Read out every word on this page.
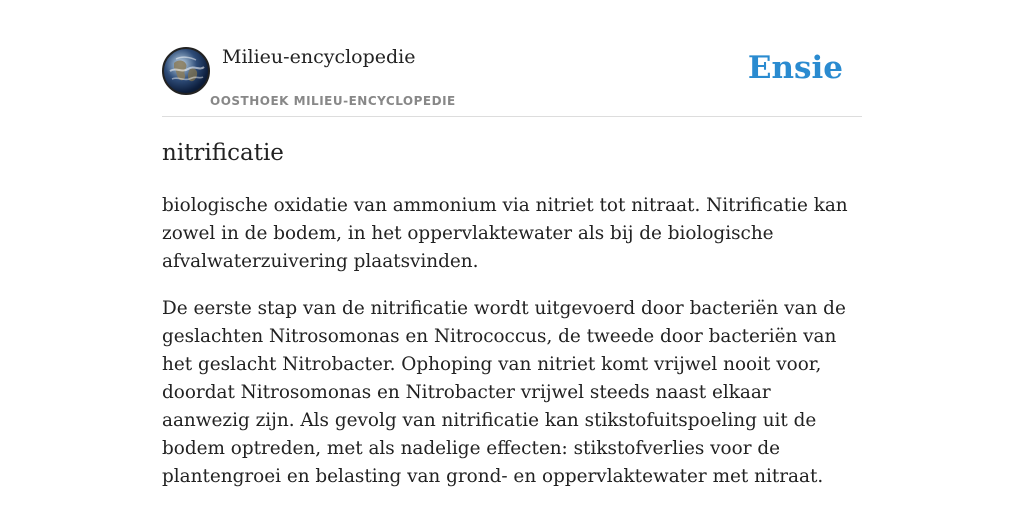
Milieu-encyclopedie
OOSTHOEK MILIEU-ENCYCLOPEDIE
Ensie
nitrificatie

biologische oxidatie van ammonium via nitriet tot nitraat. Nitrificatie kan zowel in de bodem, in het oppervlaktewater als bij de biologische afvalwaterzuivering plaatsvinden.

De eerste stap van de nitrificatie wordt uitgevoerd door bacteriën van de geslachten Nitrosomonas en Nitrococcus, de tweede door bacteriën van het geslacht Nitrobacter. Ophoping van nitriet komt vrijwel nooit voor, doordat Nitrosomonas en Nitrobacter vrijwel steeds naast elkaar aanwezig zijn. Als gevolg van nitrificatie kan stikstofuitspoeling uit de bodem optreden, met als nadelige effecten: stikstofverlies voor de plantengroei en belasting van grond- en oppervlaktewater met nitraat.
